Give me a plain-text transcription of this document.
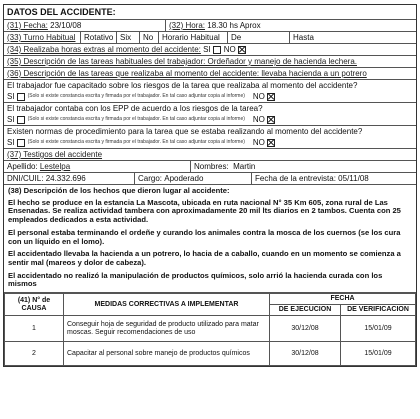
DATOS DEL ACCIDENTE:
(31) Fecha:
23/10/08	(32) Hora: 18.30 hs Aprox
(33) Turno Habitual	Rotativo Six	No	Horario Habitual	De	Hasta
(34) Realizaba horas extras al momento del accidente:
SI NO
(35) Descripción de las tareas habituales del trabajador: Ordeñador y manejo de hacienda lechera.
(36) Descripción de las tareas que realizaba al momento del accidente: llevaba hacienda a un potrero
El trabajador fue capacitado sobre los riesgos de la tarea que realizaba al momento del accidente?
SI	(Solo si existe constancia escrita y firmada por el trabajador. En tal caso adjuntar copia al informe) NO
El trabajador contaba con los EPP de acuerdo a los riesgos de la tarea?
SI	(Solo si existe constancia escrita y firmada por el trabajador. En tal caso adjuntar copia al informe) NO
Existen normas de procedimiento para la tarea que se estaba realizando al momento del accidente?
SI	(Solo si existe constancia escrita y firmada por el trabajador. En tal caso adjuntar copia al informe) NO
(37) Testigos del accidente
Apellido:
Lestelpa	Nombres: Martin
DNI/CUIL:
24.332.696	Cargo:
Apoderado	Fecha de la entrevista: 05/11/08
(38) Descripción de los hechos que dieron lugar al accidente:

El hecho se produce en la estancia La Mascota, ubicada en ruta nacional N° 35 Km 605, zona rural de Las Ensenadas. Se realiza actividad tambera con aproximadamente 20 mil lts diarios en 2 tambos. Cuenta con 25 empleados dedicados a esta actividad.

El personal estaba terminando el ordeñe y curando los animales contra la mosca de los cuernos (se los cura con un líquido en el lomo).

El accidentado llevaba la hacienda a un potrero, lo hacia de a caballo, cuando en un momento se comienza a sentir mal (mareos y dolor de cabeza).

El accidentado no realizó la manipulación de productos químicos, solo arrió la hacienda curada con los mismos

(41) N° de CAUSA	MEDIDAS CORRECTIVAS A IMPLEMENTAR	FECHA	
		DE EJECUCION	DE VERIFICACION
1	Conseguir hoja de seguridad de producto utilizado para matar moscas. Seguir recomendaciones de uso	30/12/08	15/01/09
2	Capacitar al personal sobre manejo de productos químicos	30/12/08	15/01/09
